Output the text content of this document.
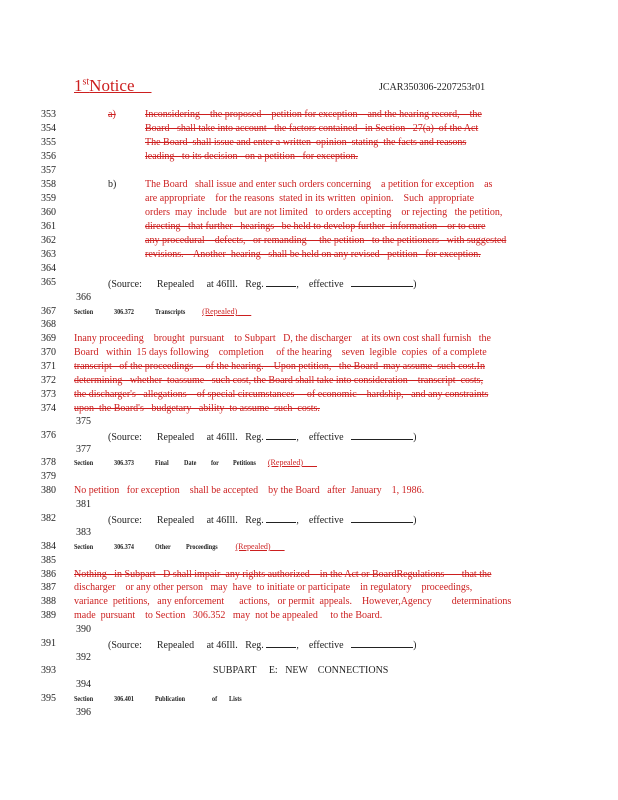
1stNotice	JCAR350306-2207253r01
353
354
355
356
357
358
359
360
361
362
363
364
365
366
367
368
369
370
371
372
373
374
375
376
377
378
379
380
381
382
383
384
385
386
387
388
389
390
391
392
393
394
395
396
a)	Inconsidering    the proposed    petition for exception    and the hearing record,    the
Board   shall take into account   the factors contained   in Section   27(a)  of the Act
The Board  shall issue and enter a written  opinion  stating  the facts and reasons
leading   to its decision   on a petition   for exception.
b)	The Board   shall issue and enter such orders concerning    a petition for exception    as
are appropriate    for the reasons  stated in its written  opinion.    Such  appropriate
orders  may  include   but are not limited   to orders accepting    or rejecting   the petition,
directing   that further   hearings   be held to develop further  information    or to cure
any procedural    defects,   or remanding     the petition   to the petitioners   with suggested
revisions.    Another  hearing   shall be held on any revised   petition   for exception.
(Source: Repealed at 46Ill. Reg.	, effective	)
Section	306.372	Transcripts (Repealed)
Inany proceeding    brought  pursuant    to Subpart   D, the discharger    at its own cost shall furnish   the
Board   within  15 days following    completion     of the hearing    seven  legible  copies  of a complete
transcript   of the proceedings     of the hearing.    Upon petition,   the Board  may assume  such cost.In
determining   whether  toassume   such cost, the Board shall take into consideration    transcript  costs,
the discharger's   allegations    of special circumstances     of economic    hardship,   and any constraints
upon  the Board's   budgetary   ability  to assume  such  costs.
(Source: Repealed at 46Ill. Reg.	, effective	)
Section	306.373	Final Date for Petitions (Repealed)
No petition   for exception    shall be accepted    by the Board   after  January    1, 1986.
(Source: Repealed at 46Ill. Reg.	, effective	)
Section	306.374	Other Proceedings (Repealed)
Nothing   in Subpart   D shall impair  any rights authorized    in the Act or BoardRegulations       that the
discharger    or any other person   may  have  to initiate or participate    in regulatory    proceedings,
variance  petitions,   any enforcement      actions,   or permit  appeals.    However,Agency        determinations
made  pursuant    to Section   306.352   may  not be appealed     to the Board.
(Source: Repealed at 46Ill. Reg.	, effective	)
SUBPART     E:   NEW    CONNECTIONS
Section	306.401	Publication	of Lists
